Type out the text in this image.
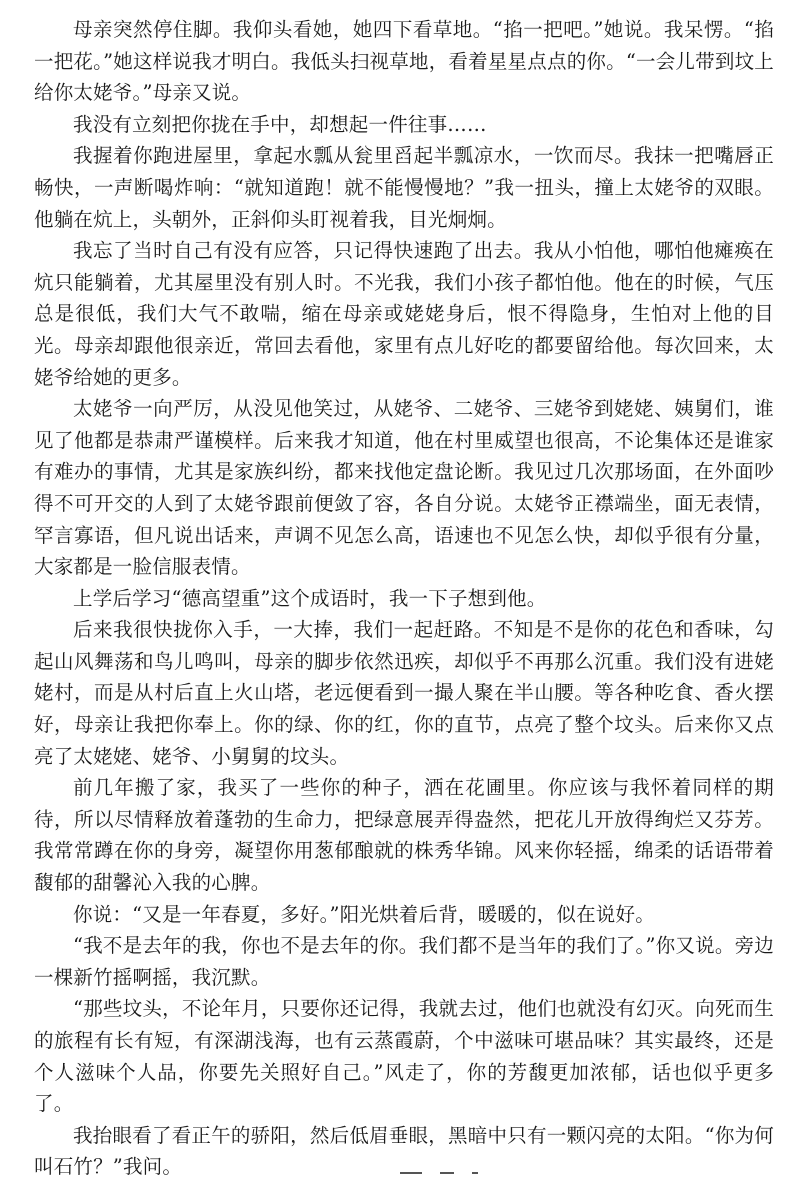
母亲突然停住脚。我仰头看她，她四下看草地。“掐一把吧。”她说。我呆愣。“掐一把花。”她这样说我才明白。我低头扫视草地，看着星星点点的你。“一会儿带到坟上给你太姥爷。”母亲又说。

我没有立刻把你拢在手中，却想起一件往事……

我握着你跑进屋里，拿起水瓢从瓮里舀起半瓢凉水，一饮而尽。我抹一把嘴唇正畅快，一声断喝炸响：“就知道跑！就不能慢慢地？”我一扭头，撞上太姥爷的双眼。他躺在炕上，头朝外，正斜仰头盯视着我，目光炯炯。

我忘了当时自己有没有应答，只记得快速跑了出去。我从小怕他，哪怕他瘫痪在炕只能躺着，尤其屋里没有别人时。不光我，我们小孩子都怕他。他在的时候，气压总是很低，我们大气不敢喘，缩在母亲或姥姥身后，恨不得隐身，生怕对上他的目光。母亲却跟他很亲近，常回去看他，家里有点儿好吃的都要留给他。每次回来，太姥爷给她的更多。

太姥爷一向严厉，从没见他笑过，从姥爷、二姥爷、三姥爷到姥姥、姨舅们，谁见了他都是恭肃严谨模样。后来我才知道，他在村里威望也很高，不论集体还是谁家有难办的事情，尤其是家族纠纷，都来找他定盘论断。我见过几次那场面，在外面吵得不可开交的人到了太姥爷跟前便敛了容，各自分说。太姥爷正襟端坐，面无表情，罕言寡语，但凡说出话来，声调不见怎么高，语速也不见怎么快，却似乎很有分量，大家都是一脸信服表情。

上学后学习“德高望重”这个成语时，我一下子想到他。

后来我很快拢你入手，一大捧，我们一起赶路。不知是不是你的花色和香味，勾起山风舞荡和鸟儿鸣叫，母亲的脚步依然迅疾，却似乎不再那么沉重。我们没有进姥姥村，而是从村后直上火山塔，老远便看到一撮人聚在半山腰。等各种吃食、香火摆好，母亲让我把你奉上。你的绿、你的红，你的直节，点亮了整个坟头。后来你又点亮了太姥姥、姥爷、小舅舅的坟头。

前几年搬了家，我买了一些你的种子，洒在花圃里。你应该与我怀着同样的期待，所以尽情释放着蓬勃的生命力，把绿意展弄得盎然，把花儿开放得绚烂又芬芳。我常常蹲在你的身旁，凝望你用葱郁酿就的株秀华锦。风来你轻摇，绵柔的话语带着馥郁的甜馨沁入我的心脾。

你说：“又是一年春夏，多好。”阳光烘着后背，暖暖的，似在说好。

“我不是去年的我，你也不是去年的你。我们都不是当年的我们了。”你又说。旁边一棵新竹摇啊摇，我沉默。

“那些坟头，不论年月，只要你还记得，我就去过，他们也就没有幻灭。向死而生的旅程有长有短，有深湖浅海，也有云蒸霞蔚，个中滋味可堪品味？其实最终，还是个人滋味个人品，你要先关照好自己。”风走了，你的芳馥更加浓郁，话也似乎更多了。

我抬眼看了看正午的骄阳，然后低眉垂眼，黑暗中只有一颗闪亮的太阳。“你为何叫石竹？”我问。
